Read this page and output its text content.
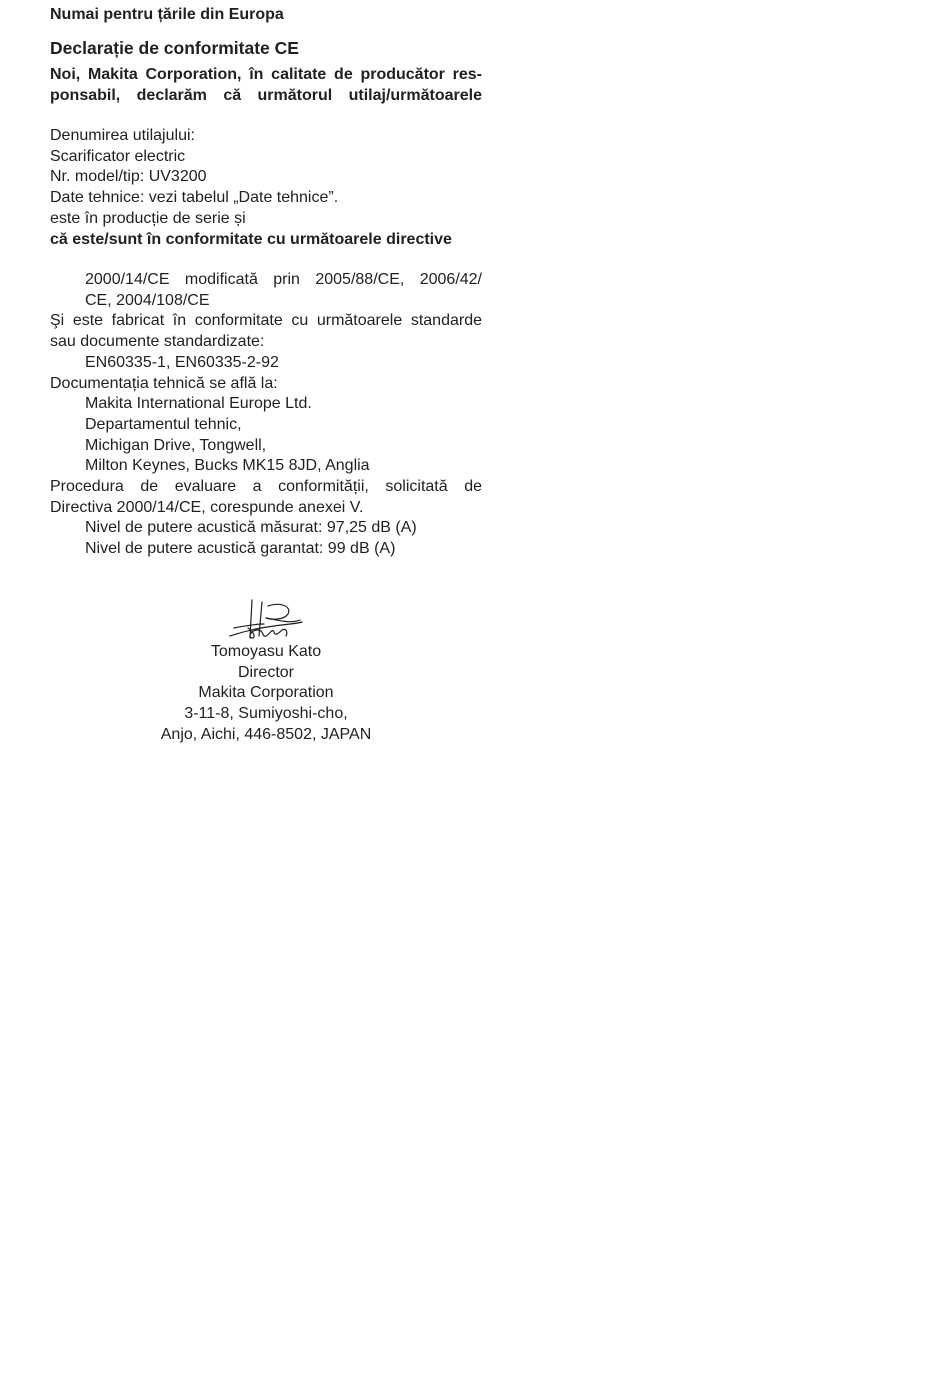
Numai pentru țările din Europa
Declarație de conformitate CE
Noi, Makita Corporation, în calitate de producător res-
ponsabil, declarăm că următorul utilaj/următoarele
Denumirea utilajului:
Scarificator electric
Nr. model/tip: UV3200
Date tehnice: vezi tabelul „Date tehnice”.
este în producție de serie și
că este/sunt în conformitate cu următoarele directive
2000/14/CE modificată prin 2005/88/CE, 2006/42/
CE, 2004/108/CE
Şi este fabricat în conformitate cu următoarele standarde
sau documente standardizate:
EN60335-1, EN60335-2-92
Documentația tehnică se află la:
Makita International Europe Ltd.
Departamentul tehnic,
Michigan Drive, Tongwell,
Milton Keynes, Bucks MK15 8JD, Anglia
Procedura de evaluare a conformității, solicitată de
Directiva 2000/14/CE, corespunde anexei V.
Nivel de putere acustică măsurat: 97,25 dB (A)
Nivel de putere acustică garantat: 99 dB (A)
Tomoyasu Kato
Director
Makita Corporation
3-11-8, Sumiyoshi-cho,
Anjo, Aichi, 446-8502, JAPAN
